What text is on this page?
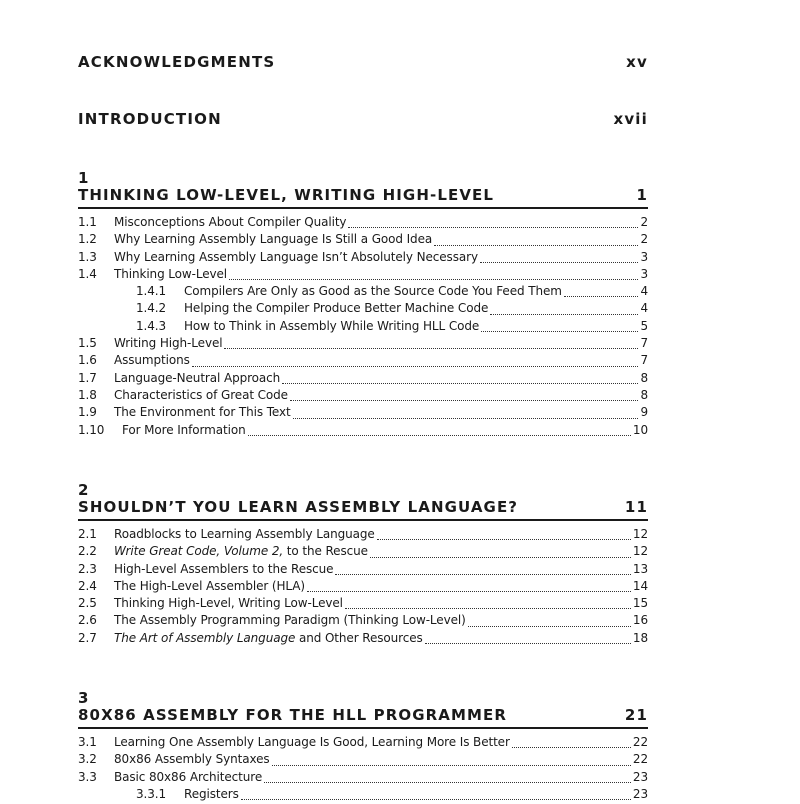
ACKNOWLEDGMENTS	xv
INTRODUCTION	xvii
1
THINKING LOW-LEVEL, WRITING HIGH-LEVEL	1
1.1	Misconceptions About Compiler Quality	2
1.2	Why Learning Assembly Language Is Still a Good Idea	2
1.3	Why Learning Assembly Language Isn’t Absolutely Necessary	3
1.4	Thinking Low-Level	3
1.4.1	Compilers Are Only as Good as the Source Code You Feed Them	4
1.4.2	Helping the Compiler Produce Better Machine Code	4
1.4.3	How to Think in Assembly While Writing HLL Code	5
1.5	Writing High-Level	7
1.6	Assumptions	7
1.7	Language-Neutral Approach	8
1.8	Characteristics of Great Code	8
1.9	The Environment for This Text	9
1.10	For More Information	10
2
SHOULDN’T YOU LEARN ASSEMBLY LANGUAGE?	11
2.1	Roadblocks to Learning Assembly Language	12
2.2	Write Great Code, Volume 2, to the Rescue	12
2.3	High-Level Assemblers to the Rescue	13
2.4	The High-Level Assembler (HLA)	14
2.5	Thinking High-Level, Writing Low-Level	15
2.6	The Assembly Programming Paradigm (Thinking Low-Level)	16
2.7	The Art of Assembly Language and Other Resources	18
3
80X86 ASSEMBLY FOR THE HLL PROGRAMMER	21
3.1	Learning One Assembly Language Is Good, Learning More Is Better	22
3.2	80x86 Assembly Syntaxes	22
3.3	Basic 80x86 Architecture	23
3.3.1	Registers	23
